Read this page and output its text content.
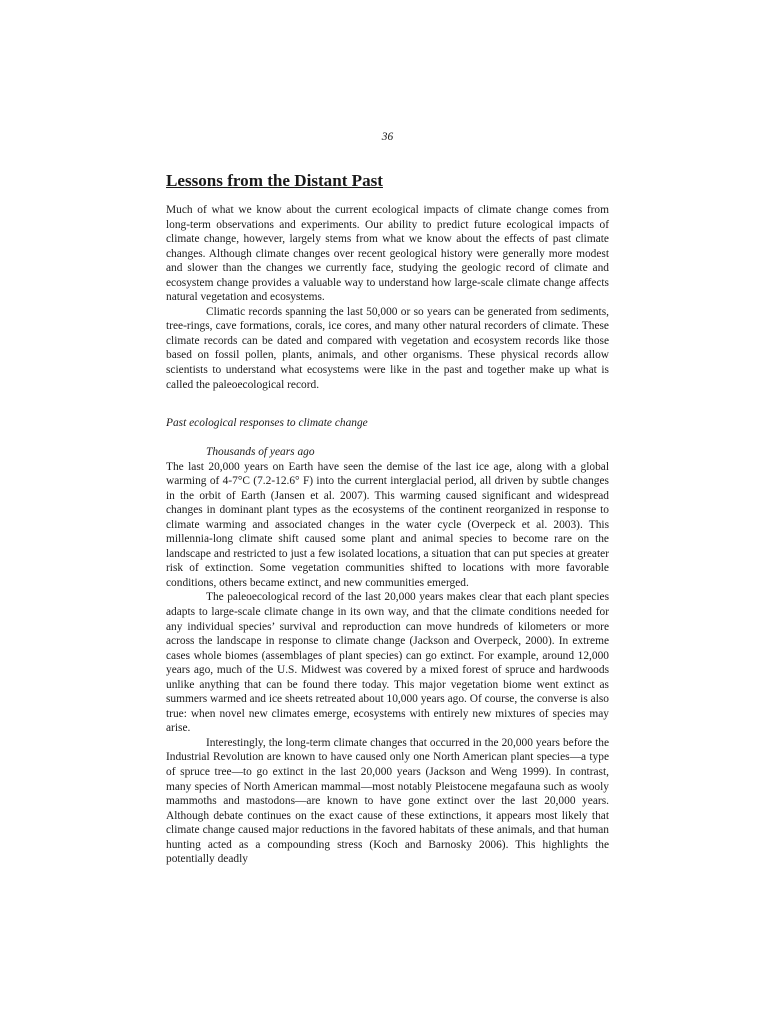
36
Lessons from the Distant Past

Much of what we know about the current ecological impacts of climate change comes from long-term observations and experiments. Our ability to predict future ecological impacts of climate change, however, largely stems from what we know about the effects of past climate changes. Although climate changes over recent geological history were generally more modest and slower than the changes we currently face, studying the geologic record of climate and ecosystem change provides a valuable way to understand how large-scale climate change affects natural vegetation and ecosystems.

Climatic records spanning the last 50,000 or so years can be generated from sediments, tree-rings, cave formations, corals, ice cores, and many other natural recorders of climate. These climate records can be dated and compared with vegetation and ecosystem records like those based on fossil pollen, plants, animals, and other organisms. These physical records allow scientists to understand what ecosystems were like in the past and together make up what is called the paleoecological record.

Past ecological responses to climate change

Thousands of years ago

The last 20,000 years on Earth have seen the demise of the last ice age, along with a global warming of 4-7°C (7.2-12.6° F) into the current interglacial period, all driven by subtle changes in the orbit of Earth (Jansen et al. 2007). This warming caused significant and widespread changes in dominant plant types as the ecosystems of the continent reorganized in response to climate warming and associated changes in the water cycle (Overpeck et al. 2003). This millennia-long climate shift caused some plant and animal species to become rare on the landscape and restricted to just a few isolated locations, a situation that can put species at greater risk of extinction. Some vegetation communities shifted to locations with more favorable conditions, others became extinct, and new communities emerged.

The paleoecological record of the last 20,000 years makes clear that each plant species adapts to large-scale climate change in its own way, and that the climate conditions needed for any individual species’ survival and reproduction can move hundreds of kilometers or more across the landscape in response to climate change (Jackson and Overpeck, 2000). In extreme cases whole biomes (assemblages of plant species) can go extinct. For example, around 12,000 years ago, much of the U.S. Midwest was covered by a mixed forest of spruce and hardwoods unlike anything that can be found there today. This major vegetation biome went extinct as summers warmed and ice sheets retreated about 10,000 years ago. Of course, the converse is also true: when novel new climates emerge, ecosystems with entirely new mixtures of species may arise.

Interestingly, the long-term climate changes that occurred in the 20,000 years before the Industrial Revolution are known to have caused only one North American plant species—a type of spruce tree—to go extinct in the last 20,000 years (Jackson and Weng 1999). In contrast, many species of North American mammal—most notably Pleistocene megafauna such as wooly mammoths and mastodons—are known to have gone extinct over the last 20,000 years. Although debate continues on the exact cause of these extinctions, it appears most likely that climate change caused major reductions in the favored habitats of these animals, and that human hunting acted as a compounding stress (Koch and Barnosky 2006). This highlights the potentially deadly
